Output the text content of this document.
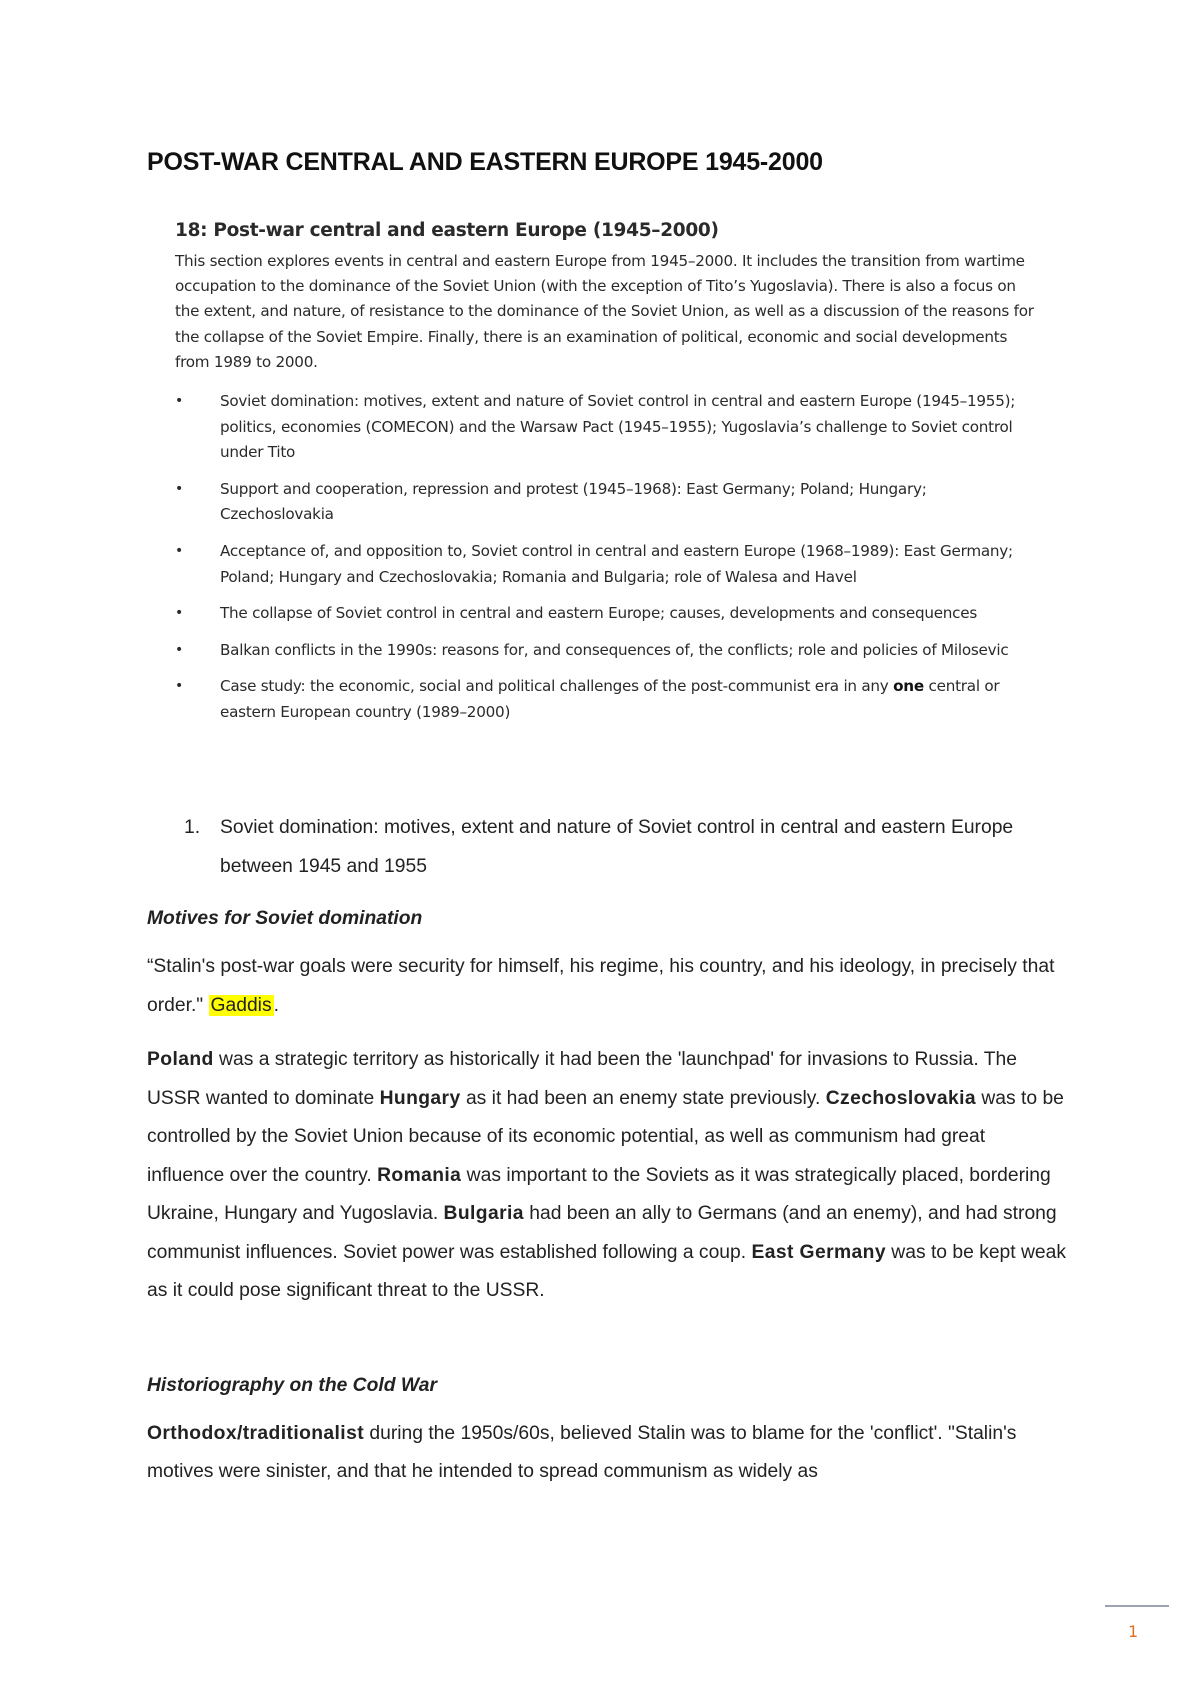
POST-WAR CENTRAL AND EASTERN EUROPE 1945-2000
18: Post-war central and eastern Europe (1945–2000)
This section explores events in central and eastern Europe from 1945–2000. It includes the transition from wartime occupation to the dominance of the Soviet Union (with the exception of Tito’s Yugoslavia). There is also a focus on the extent, and nature, of resistance to the dominance of the Soviet Union, as well as a discussion of the reasons for the collapse of the Soviet Empire. Finally, there is an examination of political, economic and social developments from 1989 to 2000.
• Soviet domination: motives, extent and nature of Soviet control in central and eastern Europe (1945–1955); politics, economies (COMECON) and the Warsaw Pact (1945–1955); Yugoslavia’s challenge to Soviet control under Tito
• Support and cooperation, repression and protest (1945–1968): East Germany; Poland; Hungary; Czechoslovakia
• Acceptance of, and opposition to, Soviet control in central and eastern Europe (1968–1989): East Germany; Poland; Hungary and Czechoslovakia; Romania and Bulgaria; role of Walesa and Havel
• The collapse of Soviet control in central and eastern Europe; causes, developments and consequences
• Balkan conflicts in the 1990s: reasons for, and consequences of, the conflicts; role and policies of Milosevic
• Case study: the economic, social and political challenges of the post-communist era in any one central or eastern European country (1989–2000)
1. Soviet domination: motives, extent and nature of Soviet control in central and eastern Europe between 1945 and 1955
Motives for Soviet domination
“Stalin's post-war goals were security for himself, his regime, his country, and his ideology, in precisely that order." Gaddis .
Poland was a strategic territory as historically it had been the 'launchpad' for invasions to Russia. The USSR wanted to dominate Hungary as it had been an enemy state previously. Czechoslovakia was to be controlled by the Soviet Union because of its economic potential, as well as communism had great influence over the country. Romania was important to the Soviets as it was strategically placed, bordering Ukraine, Hungary and Yugoslavia. Bulgaria had been an ally to Germans (and an enemy), and had strong communist influences. Soviet power was established following a coup. East Germany was to be kept weak as it could pose significant threat to the USSR.
Historiography on the Cold War
Orthodox/traditionalist during the 1950s/60s, believed Stalin was to blame for the 'conflict'. "Stalin's motives were sinister, and that he intended to spread communism as widely as
1
